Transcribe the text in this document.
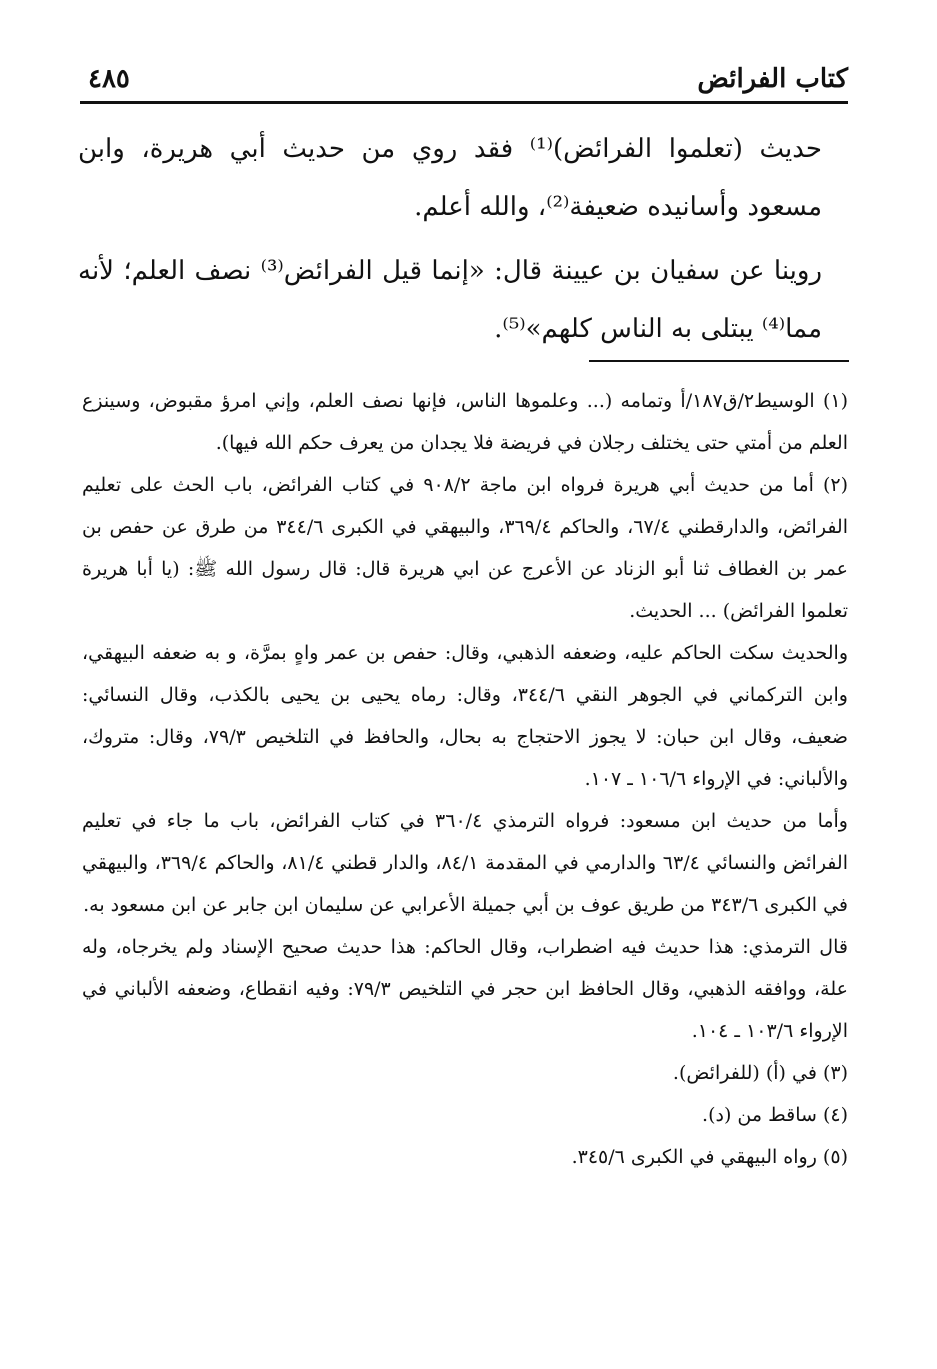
٤٨٥	كتاب الفرائض

حديث (تعلموا الفرائض)⁽¹⁾ فقد روي من حديث أبي هريرة، وابن مسعود وأسانيده ضعيفة⁽²⁾، والله أعلم.

روينا عن سفيان بن عيينة قال: «إنما قيل الفرائض⁽³⁾ نصف العلم؛ لأنه مما⁽⁴⁾ يبتلى به الناس كلهم»⁽⁵⁾.

(١) الوسيط٢/ق١٨٧/أ وتمامه (... وعلموها الناس، فإنها نصف العلم، وإني امرؤ مقبوض، وسينزع العلم من أمتي حتى يختلف رجلان في فريضة فلا يجدان من يعرف حكم الله فيها).

(٢) أما من حديث أبي هريرة فرواه ابن ماجة ٩٠٨/٢ في كتاب الفرائض، باب الحث على تعليم الفرائض، والدارقطني ٦٧/٤، والحاكم ٣٦٩/٤، والبيهقي في الكبرى ٣٤٤/٦ من طرق عن حفص بن عمر بن الغطاف ثنا أبو الزناد عن الأعرج عن ابي هريرة قال: قال رسول الله ﷺ: (يا أبا هريرة تعلموا الفرائض) ... الحديث.

والحديث سكت الحاكم عليه، وضعفه الذهبي، وقال: حفص بن عمر واهٍ بمرَّة، و به ضعفه البيهقي، وابن التركماني في الجوهر النقي ٣٤٤/٦، وقال: رماه يحيى بن يحيى بالكذب، وقال النسائي: ضعيف، وقال ابن حبان: لا يجوز الاحتجاج به بحال، والحافظ في التلخيص ٧٩/٣، وقال: متروك، والألباني: في الإرواء ١٠٦/٦ ـ ١٠٧.

وأما من حديث ابن مسعود: فرواه الترمذي ٣٦٠/٤ في كتاب الفرائض، باب ما جاء في تعليم الفرائض والنسائي ٦٣/٤ والدارمي في المقدمة ٨٤/١، والدار قطني ٨١/٤، والحاكم ٣٦٩/٤، والبيهقي في الكبرى ٣٤٣/٦ من طريق عوف بن أبي جميلة الأعرابي عن سليمان ابن جابر عن ابن مسعود به.

قال الترمذي: هذا حديث فيه اضطراب، وقال الحاكم: هذا حديث صحيح الإسناد ولم يخرجاه، وله علة، ووافقه الذهبي، وقال الحافظ ابن حجر في التلخيص ٧٩/٣: وفيه انقطاع، وضعفه الألباني في الإرواء ١٠٣/٦ ـ ١٠٤.

(٣) في (أ) (للفرائض).

(٤) ساقط من (د).

(٥) رواه البيهقي في الكبرى ٣٤٥/٦.
